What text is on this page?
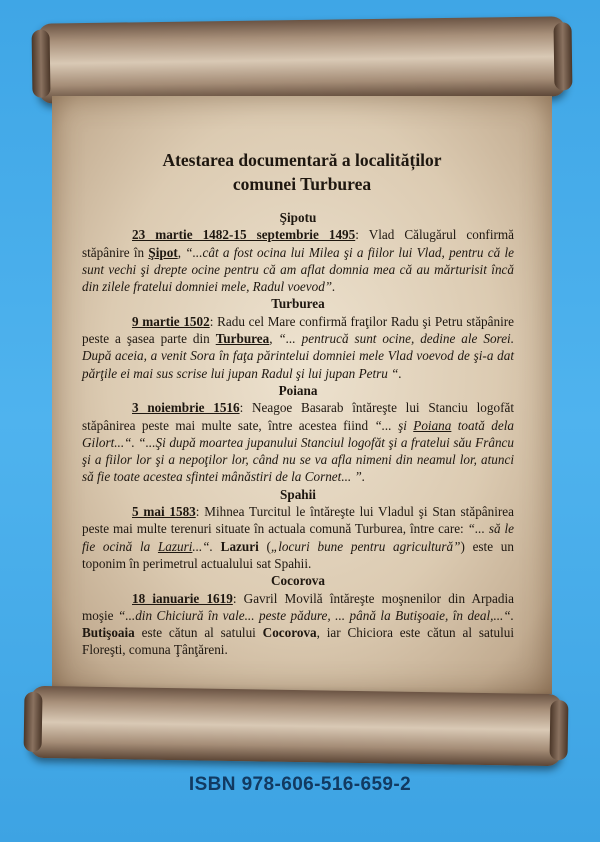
Atestarea documentară a localităților
comunei Turburea

Şipotu

23 martie 1482-15 septembrie 1495: Vlad Călugărul confirmă stăpânire în Şipot, “...cât a fost ocina lui Milea şi a fiilor lui Vlad, pentru că le sunt vechi şi drepte ocine pentru că am aflat domnia mea că au mărturisit încă din zilele fratelui domniei mele, Radul voevod”.

Turburea

9 martie 1502: Radu cel Mare confirmă fraţilor Radu şi Petru stăpânire peste a şasea parte din Turburea, “... pentrucă sunt ocine, dedine ale Sorei. După aceia, a venit Sora în faţa părintelui domniei mele Vlad voevod de şi-a dat părţile ei mai sus scrise lui jupan Radul şi lui jupan Petru “.

Poiana

3 noiembrie 1516: Neagoe Basarab întăreşte lui Stanciu logofăt stăpânirea peste mai multe sate, între acestea fiind “... şi Poiana toată dela Gilort...“. “...Şi după moartea jupanului Stanciul logofăt şi a fratelui său Frâncu şi a fiilor lor şi a nepoţilor lor, când nu se va afla nimeni din neamul lor, atunci să fie toate acestea sfintei mânăstiri de la Cornet... ”.

Spahii

5 mai 1583: Mihnea Turcitul le întăreşte lui Vladul şi Stan stăpânirea peste mai multe terenuri situate în actuala comună Turburea, între care: “... să le fie ocină la Lazuri...“. Lazuri („locuri bune pentru agricultură”) este un toponim în perimetrul actualului sat Spahii.

Cocorova

18 ianuarie 1619: Gavril Movilă întăreşte moşnenilor din Arpadia moşie “...din Chiciură în vale... peste pădure, ... până la Butişoaie, în deal,...“. Butişoaia este cătun al satului Cocorova, iar Chiciora este cătun al satului Floreşti, comuna Ţânţăreni.

ISBN 978-606-516-659-2
